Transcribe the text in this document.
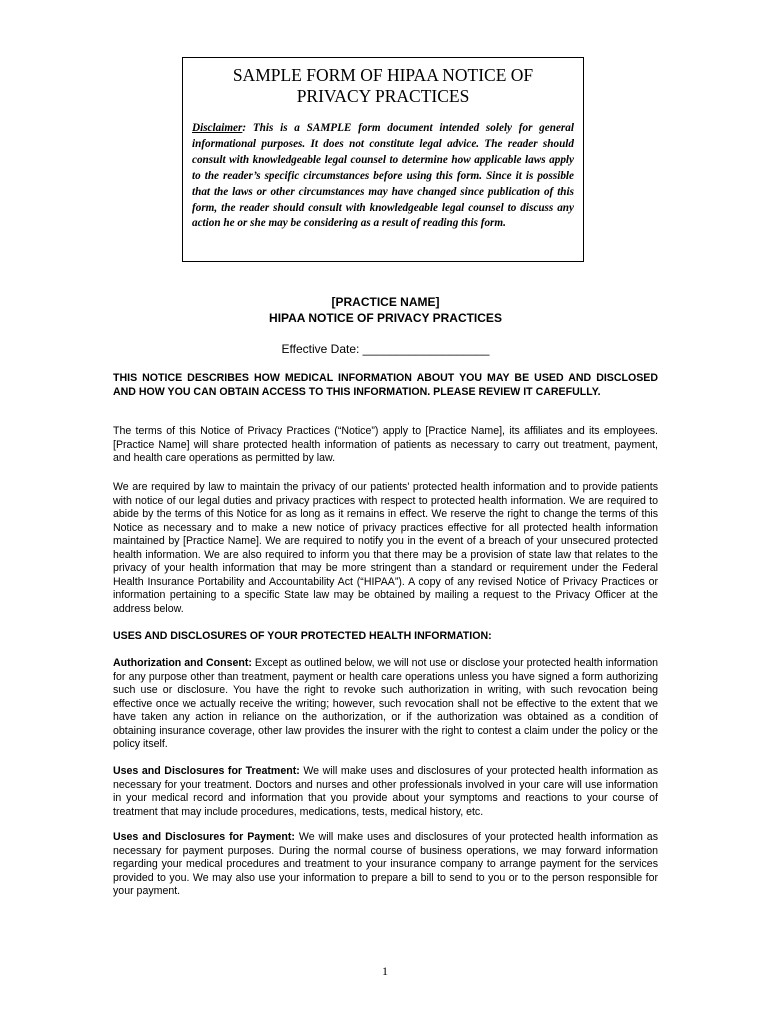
SAMPLE FORM OF HIPAA NOTICE OF
PRIVACY PRACTICES

Disclaimer: This is a SAMPLE form document intended solely for general informational purposes. It does not constitute legal advice. The reader should consult with knowledgeable legal counsel to determine how applicable laws apply to the reader’s specific circumstances before using this form. Since it is possible that the laws or other circumstances may have changed since publication of this form, the reader should consult with knowledgeable legal counsel to discuss any action he or she may be considering as a result of reading this form.

[PRACTICE NAME]
HIPAA NOTICE OF PRIVACY PRACTICES
Effective Date: ___________________

THIS NOTICE DESCRIBES HOW MEDICAL INFORMATION ABOUT YOU MAY BE USED AND DISCLOSED AND HOW YOU CAN OBTAIN ACCESS TO THIS INFORMATION. PLEASE REVIEW IT CAREFULLY.

The terms of this Notice of Privacy Practices (“Notice”) apply to [Practice Name], its affiliates and its employees. [Practice Name] will share protected health information of patients as necessary to carry out treatment, payment, and health care operations as permitted by law.

We are required by law to maintain the privacy of our patients' protected health information and to provide patients with notice of our legal duties and privacy practices with respect to protected health information. We are required to abide by the terms of this Notice for as long as it remains in effect. We reserve the right to change the terms of this Notice as necessary and to make a new notice of privacy practices effective for all protected health information maintained by [Practice Name]. We are required to notify you in the event of a breach of your unsecured protected health information. We are also required to inform you that there may be a provision of state law that relates to the privacy of your health information that may be more stringent than a standard or requirement under the Federal Health Insurance Portability and Accountability Act (“HIPAA”). A copy of any revised Notice of Privacy Practices or information pertaining to a specific State law may be obtained by mailing a request to the Privacy Officer at the address below.

USES AND DISCLOSURES OF YOUR PROTECTED HEALTH INFORMATION:

Authorization and Consent: Except as outlined below, we will not use or disclose your protected health information for any purpose other than treatment, payment or health care operations unless you have signed a form authorizing such use or disclosure. You have the right to revoke such authorization in writing, with such revocation being effective once we actually receive the writing; however, such revocation shall not be effective to the extent that we have taken any action in reliance on the authorization, or if the authorization was obtained as a condition of obtaining insurance coverage, other law provides the insurer with the right to contest a claim under the policy or the policy itself.

Uses and Disclosures for Treatment: We will make uses and disclosures of your protected health information as necessary for your treatment. Doctors and nurses and other professionals involved in your care will use information in your medical record and information that you provide about your symptoms and reactions to your course of treatment that may include procedures, medications, tests, medical history, etc.

Uses and Disclosures for Payment: We will make uses and disclosures of your protected health information as necessary for payment purposes. During the normal course of business operations, we may forward information regarding your medical procedures and treatment to your insurance company to arrange payment for the services provided to you. We may also use your information to prepare a bill to send to you or to the person responsible for your payment.

1
